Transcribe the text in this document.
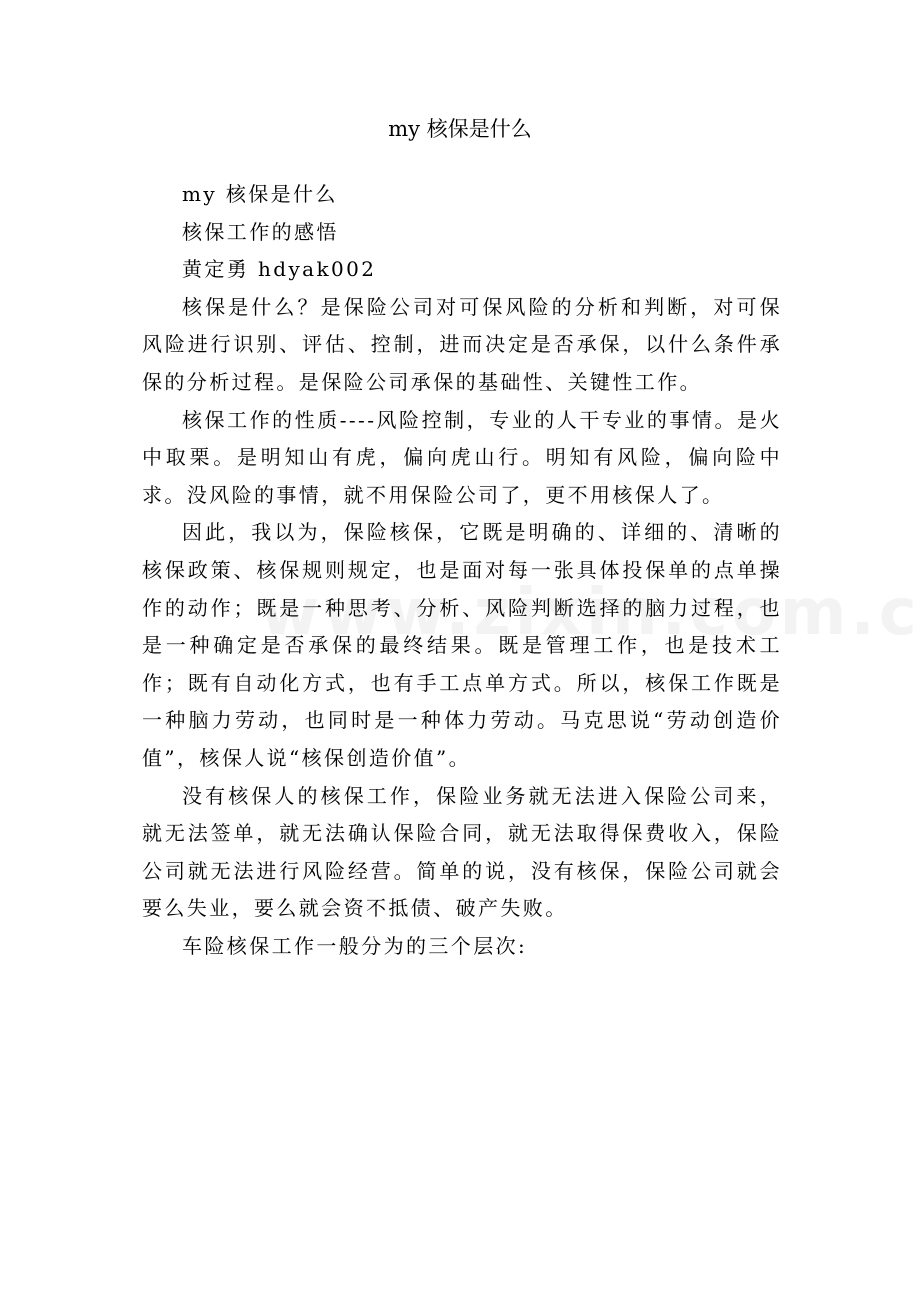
my 核保是什么

my 核保是什么

核保工作的感悟

黄定勇 hdyak002

核保是什么？是保险公司对可保风险的分析和判断，对可保风险进行识别、评估、控制，进而决定是否承保，以什么条件承保的分析过程。是保险公司承保的基础性、关键性工作。

核保工作的性质----风险控制，专业的人干专业的事情。是火中取栗。是明知山有虎，偏向虎山行。明知有风险，偏向险中求。没风险的事情，就不用保险公司了，更不用核保人了。

因此，我以为，保险核保，它既是明确的、详细的、清晰的核保政策、核保规则规定，也是面对每一张具体投保单的点单操作的动作；既是一种思考、分析、风险判断选择的脑力过程，也是一种确定是否承保的最终结果。既是管理工作，也是技术工作；既有自动化方式，也有手工点单方式。所以，核保工作既是一种脑力劳动，也同时是一种体力劳动。马克思说“劳动创造价值”，核保人说“核保创造价值”。

没有核保人的核保工作，保险业务就无法进入保险公司来，就无法签单，就无法确认保险合同，就无法取得保费收入，保险公司就无法进行风险经营。简单的说，没有核保，保险公司就会要么失业，要么就会资不抵债、破产失败。

车险核保工作一般分为的三个层次:
